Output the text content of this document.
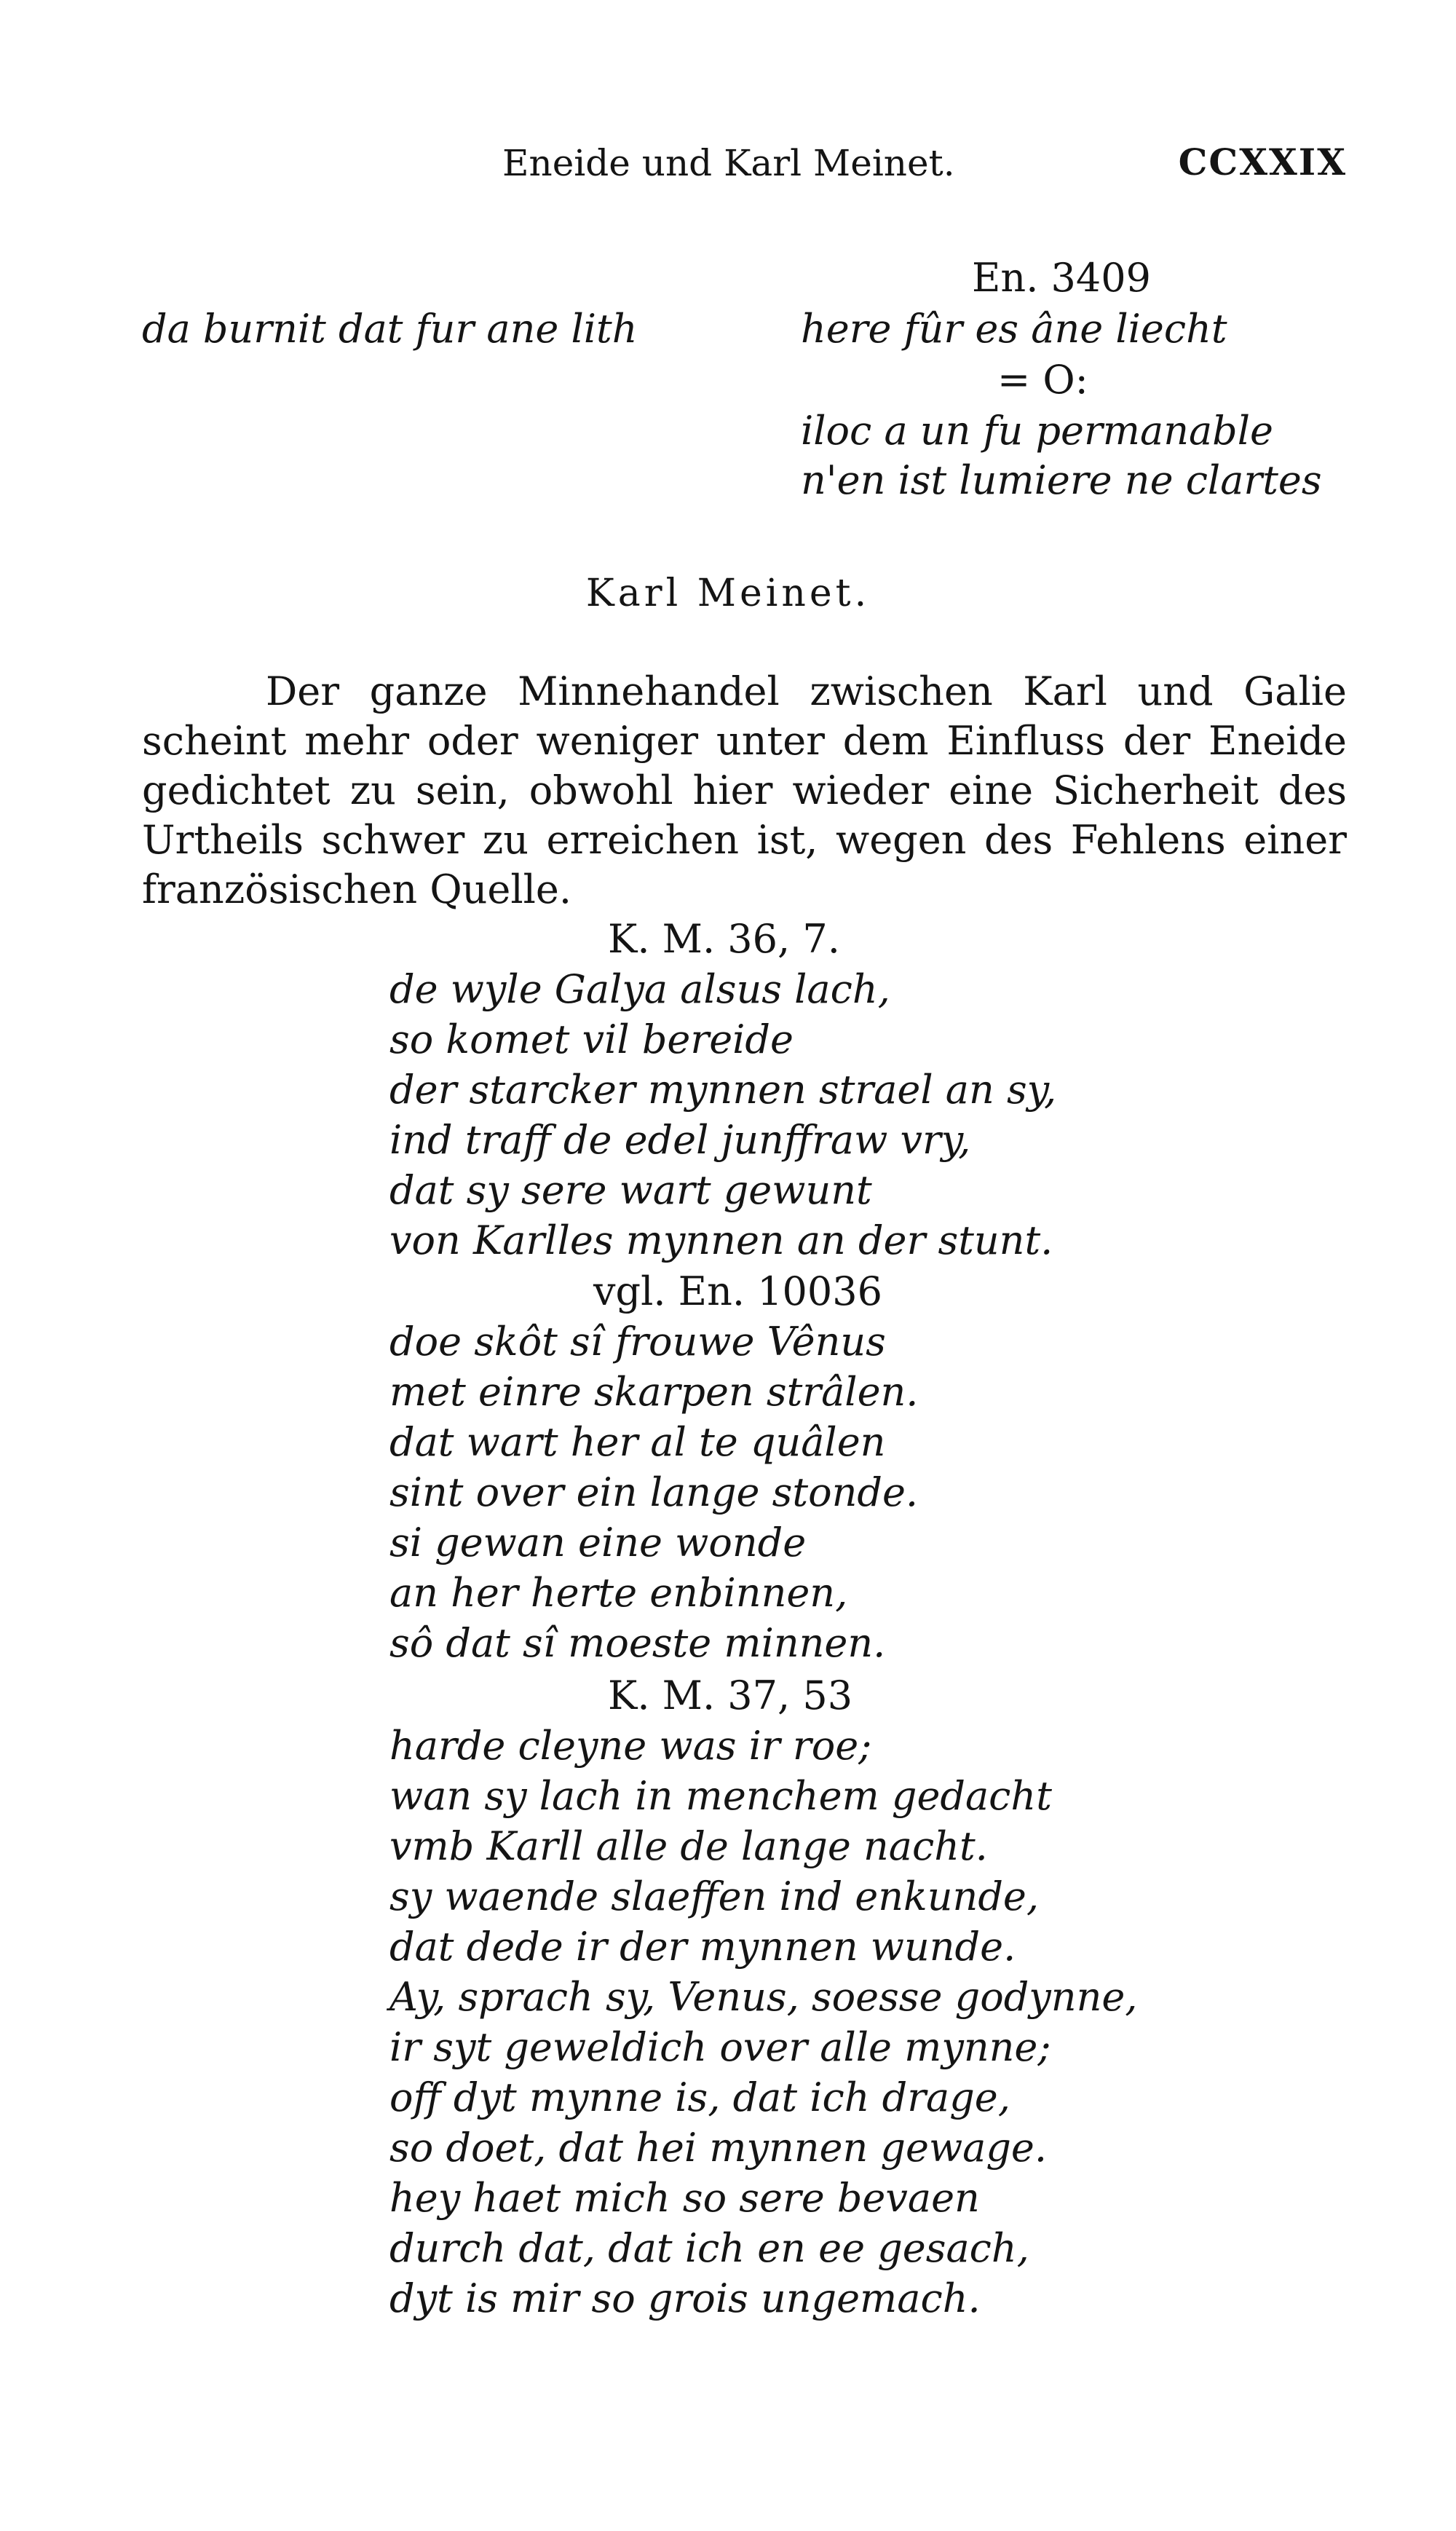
Eneide und Karl Meinet.	CCXXIX
da burnit dat fur ane lith
En. 3409
here fûr es âne liecht
= O:
iloc a un fu permanable
n'en ist lumiere ne clartes
Karl Meinet.

Der ganze Minnehandel zwischen Karl und Galie scheint mehr oder weniger unter dem Einfluss der Eneide gedichtet zu sein, obwohl hier wieder eine Sicherheit des Urtheils schwer zu erreichen ist, wegen des Fehlens einer französischen Quelle.

K. M. 36, 7.
de wyle Galya alsus lach,
so komet vil bereide
der starcker mynnen strael an sy,
ind traff de edel junffraw vry,
dat sy sere wart gewunt
von Karlles mynnen an der stunt.
vgl. En. 10036
doe skôt sî frouwe Vênus
met einre skarpen strâlen.
dat wart her al te quâlen
sint over ein lange stonde.
si gewan eine wonde
an her herte enbinnen,
sô dat sî moeste minnen.
K. M. 37, 53
harde cleyne was ir roe;
wan sy lach in menchem gedacht
vmb Karll alle de lange nacht.
sy waende slaeffen ind enkunde,
dat dede ir der mynnen wunde.
Ay, sprach sy, Venus, soesse godynne,
ir syt geweldich over alle mynne;
off dyt mynne is, dat ich drage,
so doet, dat hei mynnen gewage.
hey haet mich so sere bevaen
durch dat, dat ich en ee gesach,
dyt is mir so grois ungemach.
